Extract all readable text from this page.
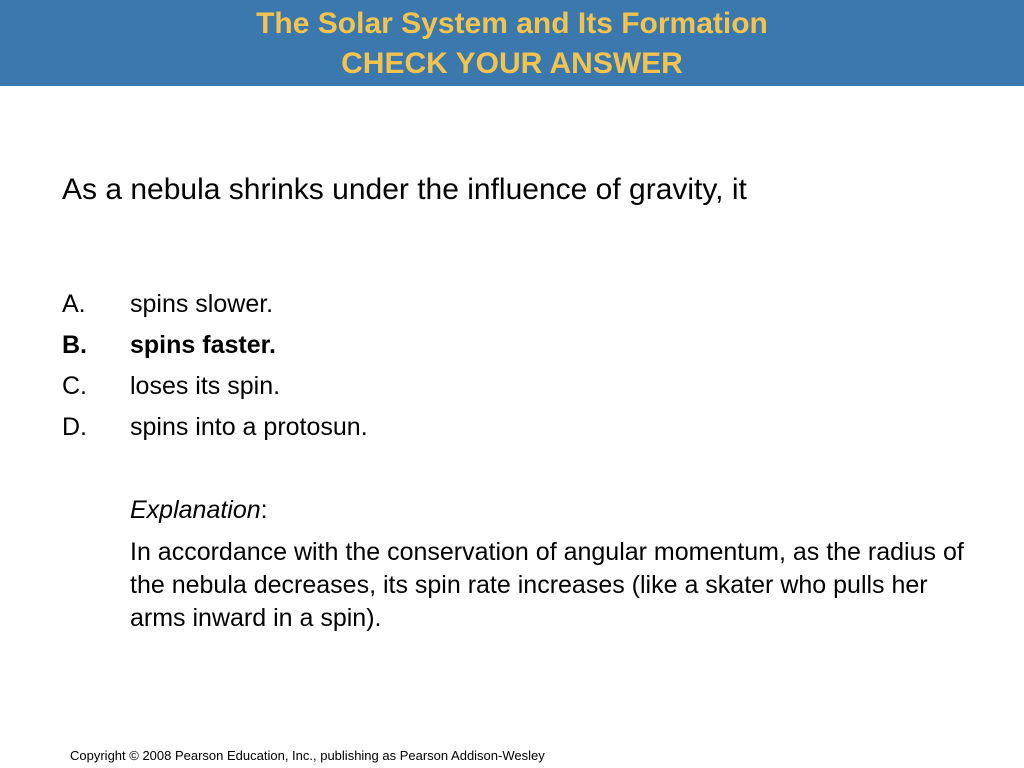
The Solar System and Its Formation
CHECK YOUR ANSWER
As a nebula shrinks under the influence of gravity, it
A. spins slower.
B. spins faster.
C. loses its spin.
D. spins into a protosun.
Explanation:
In accordance with the conservation of angular momentum, as the radius of the nebula decreases, its spin rate increases (like a skater who pulls her arms inward in a spin).
Copyright © 2008 Pearson Education, Inc., publishing as Pearson Addison-Wesley
